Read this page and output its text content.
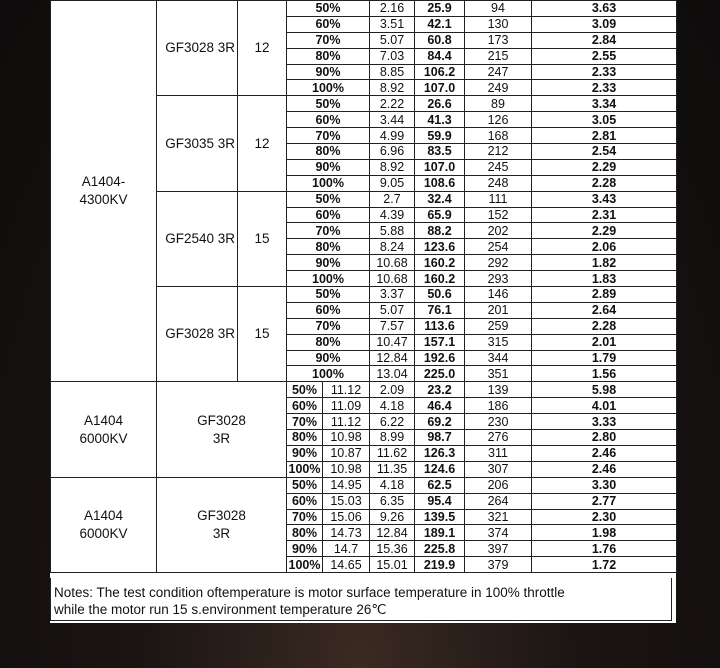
A1404-
4300KV	GF3028 3R	12	50%		2.16	25.9	94	3.63	
			60%		3.51	42.1	130	3.09	
			70%		5.07	60.8	173	2.84	
			80%		7.03	84.4	215	2.55	
			90%		8.85	106.2	247	2.33	
			100%		8.92	107.0	249	2.33	
	GF3035 3R	12	50%		2.22	26.6	89	3.34	
			60%		3.44	41.3	126	3.05	
			70%		4.99	59.9	168	2.81	
			80%		6.96	83.5	212	2.54	
			90%		8.92	107.0	245	2.29	
			100%		9.05	108.6	248	2.28	
	GF2540 3R	15	50%		2.7	32.4	111	3.43	
			60%		4.39	65.9	152	2.31	
			70%		5.88	88.2	202	2.29	
			80%		8.24	123.6	254	2.06	
			90%		10.68	160.2	292	1.82	
			100%		10.68	160.2	293	1.83	
	GF3028 3R	15	50%		3.37	50.6	146	2.89	
			60%		5.07	76.1	201	2.64	
			70%		7.57	113.6	259	2.28	
			80%		10.47	157.1	315	2.01	
			90%		12.84	192.6	344	1.79	
			100%		13.04	225.0	351	1.56	
A1404
6000KV	GF3028
3R		50%	11.12	2.09	23.2	139	5.98	
			60%	11.09	4.18	46.4	186	4.01	
			70%	11.12	6.22	69.2	230	3.33	
			80%	10.98	8.99	98.7	276	2.80	
			90%	10.87	11.62	126.3	311	2.46	
			100%	10.98	11.35	124.6	307	2.46	
A1404
6000KV	GF3028
3R		50%	14.95	4.18	62.5	206	3.30	
			60%	15.03	6.35	95.4	264	2.77	
			70%	15.06	9.26	139.5	321	2.30	
			80%	14.73	12.84	189.1	374	1.98	
			90%	14.7	15.36	225.8	397	1.76	
			100%	14.65	15.01	219.9	379	1.72	
Notes: The test condition oftemperature is motor surface temperature in 100% throttle
while the motor run 15 s.environment temperature 26℃
